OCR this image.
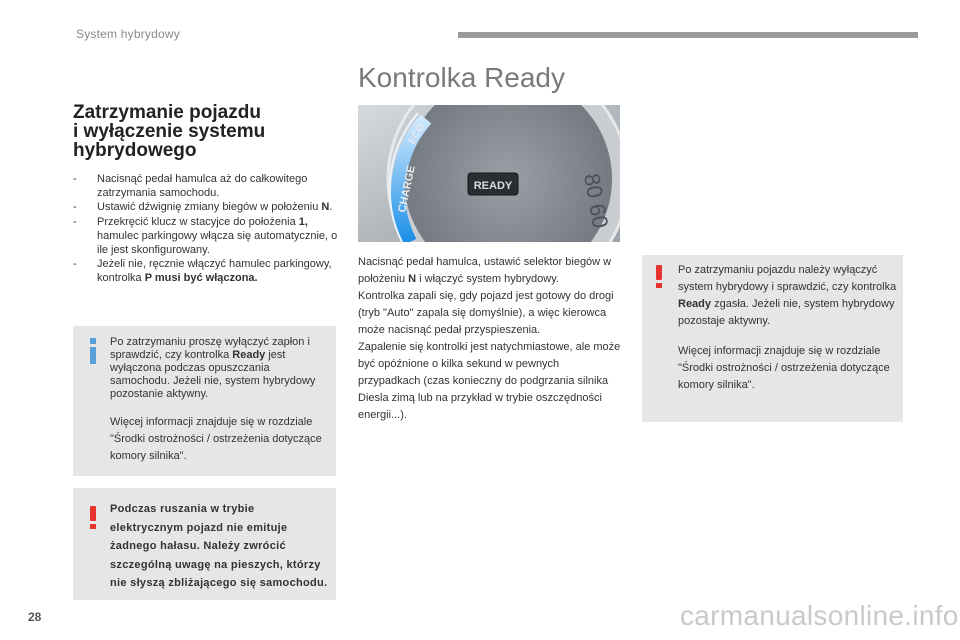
System hybrydowy
Zatrzymanie pojazdu
i wyłączenie systemu
hybrydowego
- Nacisnąć pedał hamulca aż do całkowitego zatrzymania samochodu.
- Ustawić dźwignię zmiany biegów w położeniu N.
- Przekręcić klucz w stacyjce do położenia 1, hamulec parkingowy włącza się automatycznie, o ile jest skonfigurowany.
- Jeżeli nie, ręcznie włączyć hamulec parkingowy, kontrolka P musi być włączona.

Po zatrzymaniu proszę wyłączyć zapłon i sprawdzić, czy kontrolka Ready jest wyłączona podczas opuszczania samochodu. Jeżeli nie, system hybrydowy pozostanie aktywny.

Więcej informacji znajduje się w rozdziale "Środki ostrożności / ostrzeżenia dotyczące komory silnika".

Podczas ruszania w trybie elektrycznym pojazd nie emituje żadnego hałasu. Należy zwrócić szczególną uwagę na pieszych, którzy nie słyszą zbliżającego się samochodu.
Kontrolka Ready
CHARGE
ECO
80 60
READY

Nacisnąć pedał hamulca, ustawić selektor biegów w położeniu N i włączyć system hybrydowy.

Kontrolka zapali się, gdy pojazd jest gotowy do drogi (tryb "Auto" zapala się domyślnie), a więc kierowca może nacisnąć pedał przyspieszenia.

Zapalenie się kontrolki jest natychmiastowe, ale może być opóźnione o kilka sekund w pewnych przypadkach (czas konieczny do podgrzania silnika Diesla zimą lub na przykład w trybie oszczędności energii...).

Po zatrzymaniu pojazdu należy wyłączyć system hybrydowy i sprawdzić, czy kontrolka Ready zgasła. Jeżeli nie, system hybrydowy pozostaje aktywny.

Więcej informacji znajduje się w rozdziale "Środki ostrożności / ostrzeżenia dotyczące komory silnika".

28	carmanualsonline.info
